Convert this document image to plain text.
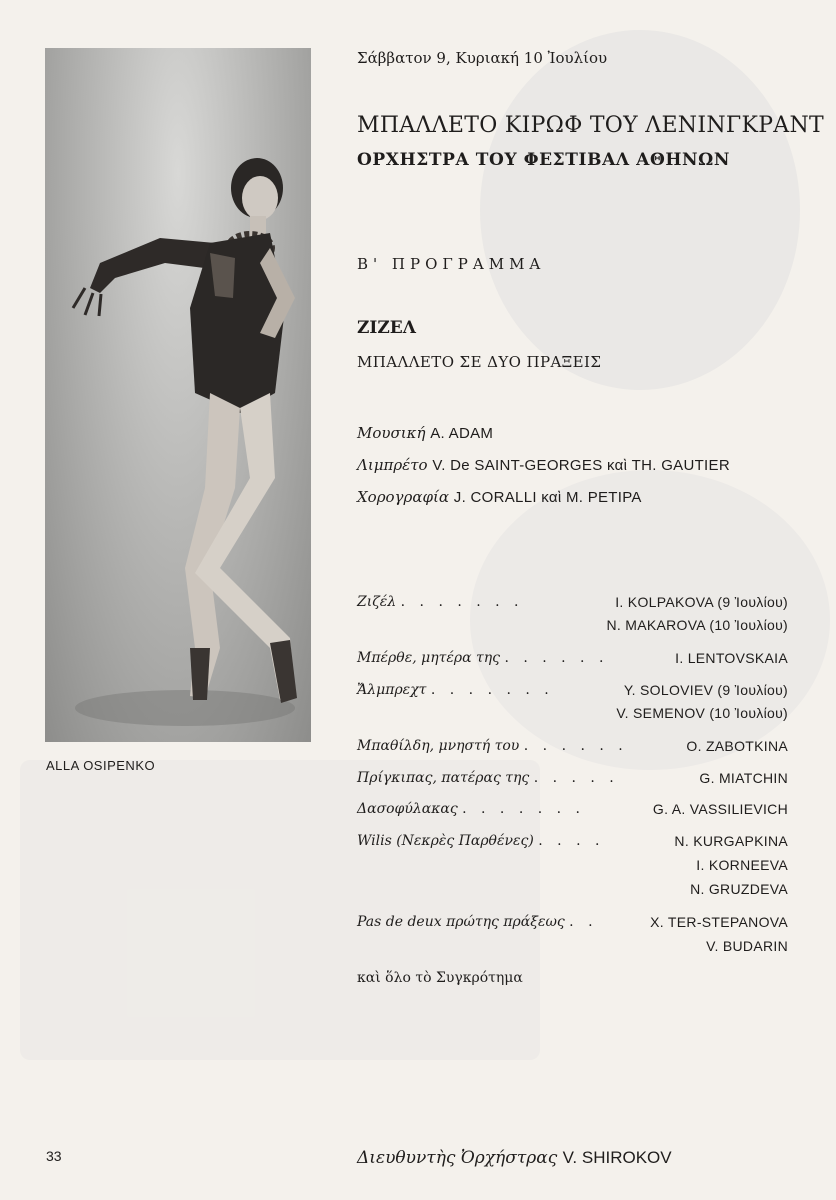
ALLA OSIPENKO
Σάββατον 9, Κυριακή 10 Ἰουλίου
ΜΠΑΛΛΕΤΟ ΚΙΡΩΦ ΤΟΥ ΛΕΝΙΝΓΚΡΑΝΤ
ΟΡΧΗΣΤΡΑ ΤΟΥ ΦΕΣΤΙΒΑΛ ΑΘΗΝΩΝ
Β' ΠΡΟΓΡΑΜΜΑ
ΖΙΖΕΛ
ΜΠΑΛΛΕΤΟ ΣΕ ΔΥΟ ΠΡΑΞΕΙΣ
Μουσική A. ADAM
Λιμπρέτο V. De SAINT-GEORGES καὶ TH. GAUTIER
Χορογραφία J. CORALLI καὶ M. PETIPA
Ζιζέλ . . . . . . .	I. KOLPAKOVA (9 Ἰουλίου)
N. MAKAROVA (10 Ἰουλίου)
Μπέρθε, μητέρα της . . . . . .	I. LENTOVSKAIA
Ἄλμπρεχτ . . . . . . .	Y. SOLOVIEV (9 Ἰουλίου)
V. SEMENOV (10 Ἰουλίου)
Μπαθίλδη, μνηστή του . . . . . .	O. ZABOTKINA
Πρίγκιπας, πατέρας της . . . . .	G. MIATCHIN
Δασοφύλακας . . . . . . .	G. A. VASSILIEVICH
Wilis (Νεκρὲς Παρθένες) . . . .	N. KURGAPKINA
I. KORNEEVA
N. GRUZDEVA
Pas de deux πρώτης πράξεως . .	X. TER-STEPANOVA
V. BUDARIN
καὶ ὅλο τὸ Συγκρότημα
33	Διευθυντὴς Ὀρχήστρας V. SHIROKOV
